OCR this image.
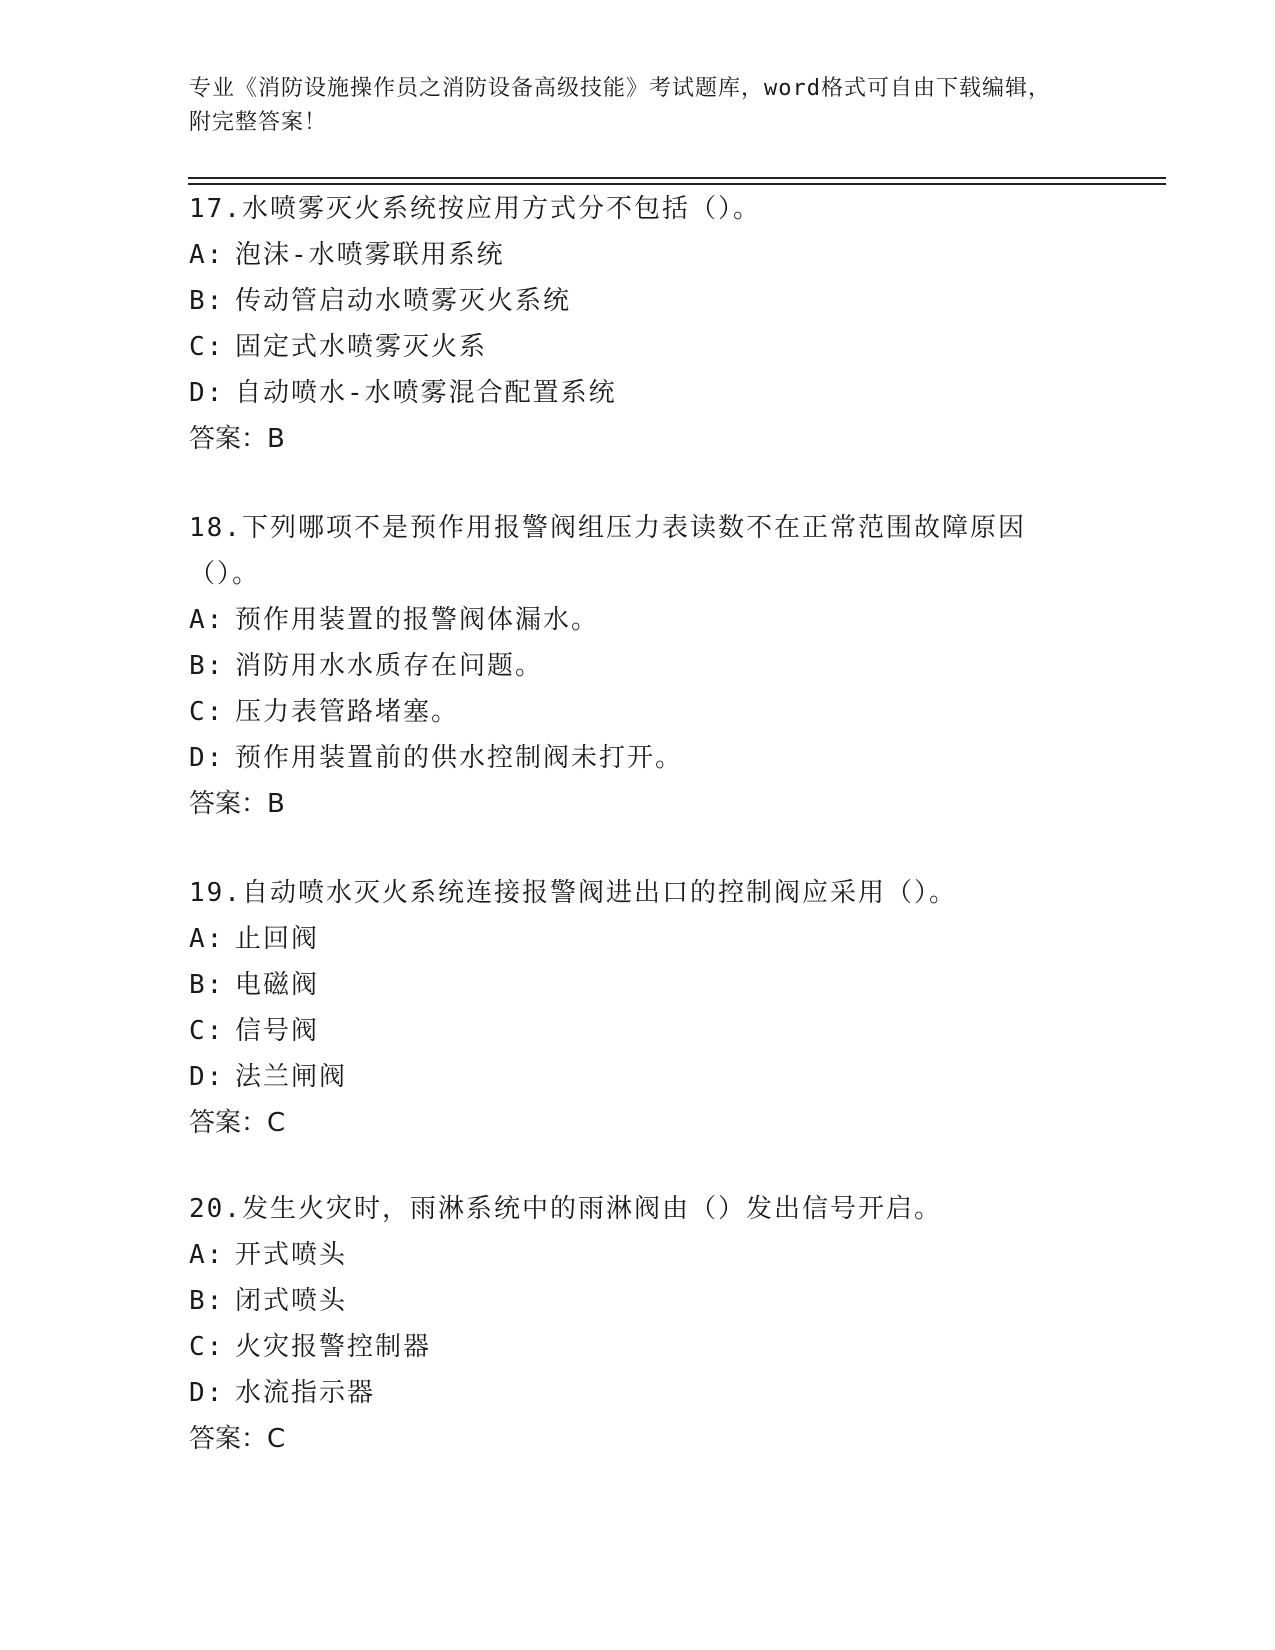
专业《消防设施操作员之消防设备高级技能》考试题库，word格式可自由下载编辑，附完整答案！
17.水喷雾灭火系统按应用方式分不包括（）。
A: 泡沫-水喷雾联用系统
B: 传动管启动水喷雾灭火系统
C: 固定式水喷雾灭火系
D: 自动喷水-水喷雾混合配置系统
答案：B
18.下列哪项不是预作用报警阀组压力表读数不在正常范围故障原因（）。
A: 预作用装置的报警阀体漏水。
B: 消防用水水质存在问题。
C: 压力表管路堵塞。
D: 预作用装置前的供水控制阀未打开。
答案：B
19.自动喷水灭火系统连接报警阀进出口的控制阀应采用（）。
A: 止回阀
B: 电磁阀
C: 信号阀
D: 法兰闸阀
答案：C
20.发生火灾时，雨淋系统中的雨淋阀由（）发出信号开启。
A: 开式喷头
B: 闭式喷头
C: 火灾报警控制器
D: 水流指示器
答案：C
